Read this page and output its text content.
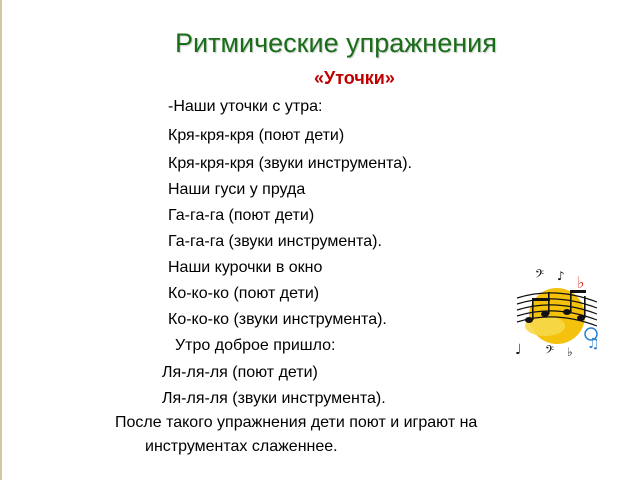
Ритмические упражнения
«Уточки»
-Наши уточки с утра:
Кря-кря-кря (поют дети)
Кря-кря-кря (звуки инструмента).
Наши гуси у пруда
Га-га-га (поют дети)
Га-га-га (звуки инструмента).
Наши курочки в окно
Ко-ко-ко (поют дети)
Ко-ко-ко (звуки инструмента).
Утро доброе пришло:
Ля-ля-ля (поют дети)
Ля-ля-ля (звуки инструмента).
После такого упражнения дети поют и играют на
инструментах слаженнее.
𝄢 ♪ ♭
♫
♩ 𝄢 ♭
